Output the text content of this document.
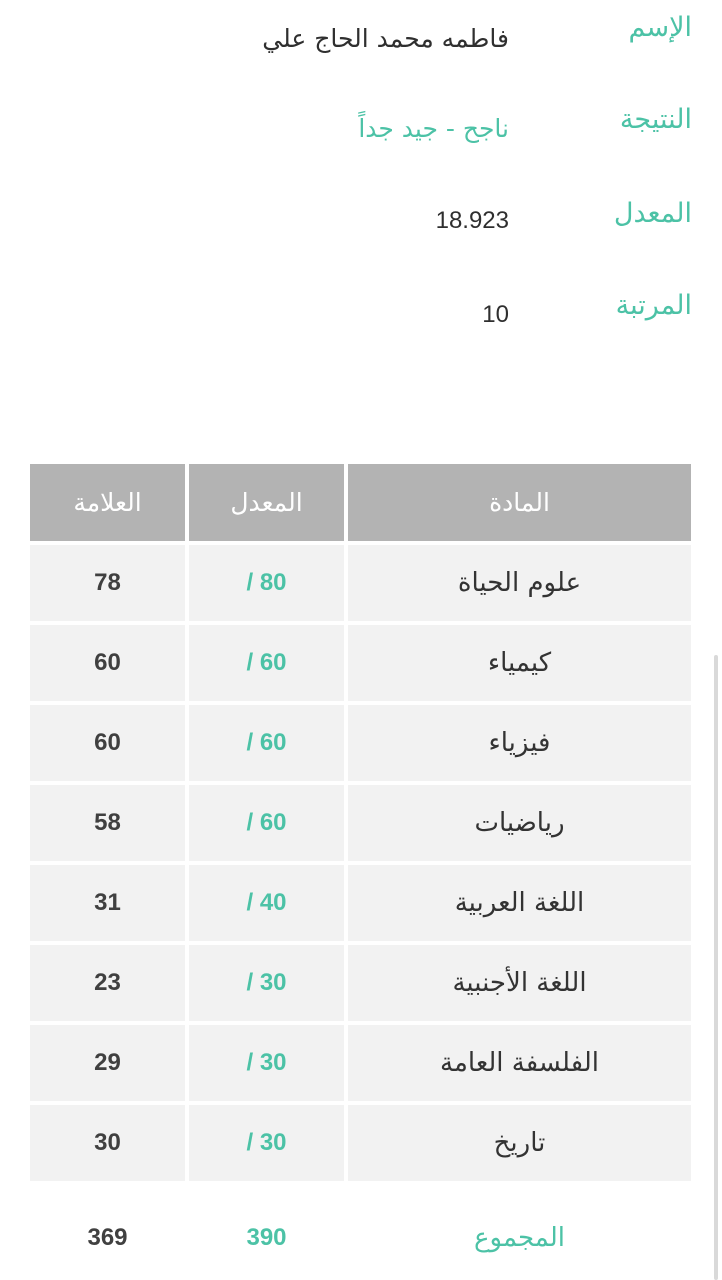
الإسم
فاطمه محمد الحاج علي
النتيجة
ناجح - جيد جداً
المعدل
18.923
المرتبة
10
العلامة	المعدل	المادة
78	/ 80	علوم الحياة
60	/ 60	كيمياء
60	/ 60	فيزياء
58	/ 60	رياضيات
31	/ 40	اللغة العربية
23	/ 30	اللغة الأجنبية
29	/ 30	الفلسفة العامة
30	/ 30	تاريخ
369	390	المجموع
